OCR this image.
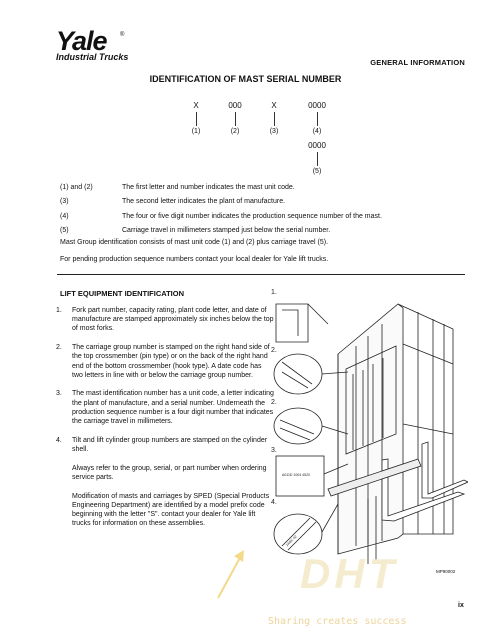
Yale ®
Industrial Trucks
GENERAL INFORMATION
IDENTIFICATION OF MAST SERIAL NUMBER
X
(1)
000
(2)
X
(3)
0000
(4)
0000
(5)
(1) and (2)	The first letter and number indicates the mast unit code.
(3)	The second letter indicates the plant of manufacture.
(4)	The four or five digit number indicates the production sequence number of the mast.
(5)	Carriage travel in millimeters stamped just below the serial number.
Mast Group identification consists of mast unit code (1) and (2) plus carriage travel (5).
For pending production sequence numbers contact your local dealer for Yale lift trucks.
LIFT EQUIPMENT IDENTIFICATION
1.	Fork part number, capacity rating, plant code letter, and date of manufacture are stamped approximately six inches below the top of most forks.
2.	The carriage group number is stamped on the right hand side of the top crossmember (pin type) or on the back of the right hand end of the bottom crossmember (hook type). A date code has two letters in line with or below the carriage group number.
3.	The mast identification number has a unit code, a letter indicating the plant of manufacture, and a serial number. Underneath the production sequence number is a four digit number that indicates the carriage travel in millimeters.
4.	Tilt and lift cylinder group numbers are stamped on the cylinder shell.
Always refer to the group, serial, or part number when ordering service parts.
Modification of masts and carriages by SPED (Special Products Engineering Department) are identified by a model prefix code beginning with the letter "S". contact your dealer for Yale lift trucks for information on these assemblies.
1.
2.
2.
3.
A011D 1004 4520
4.
2ABC 42
MP90002
DHT
Sharing creates success
ix
